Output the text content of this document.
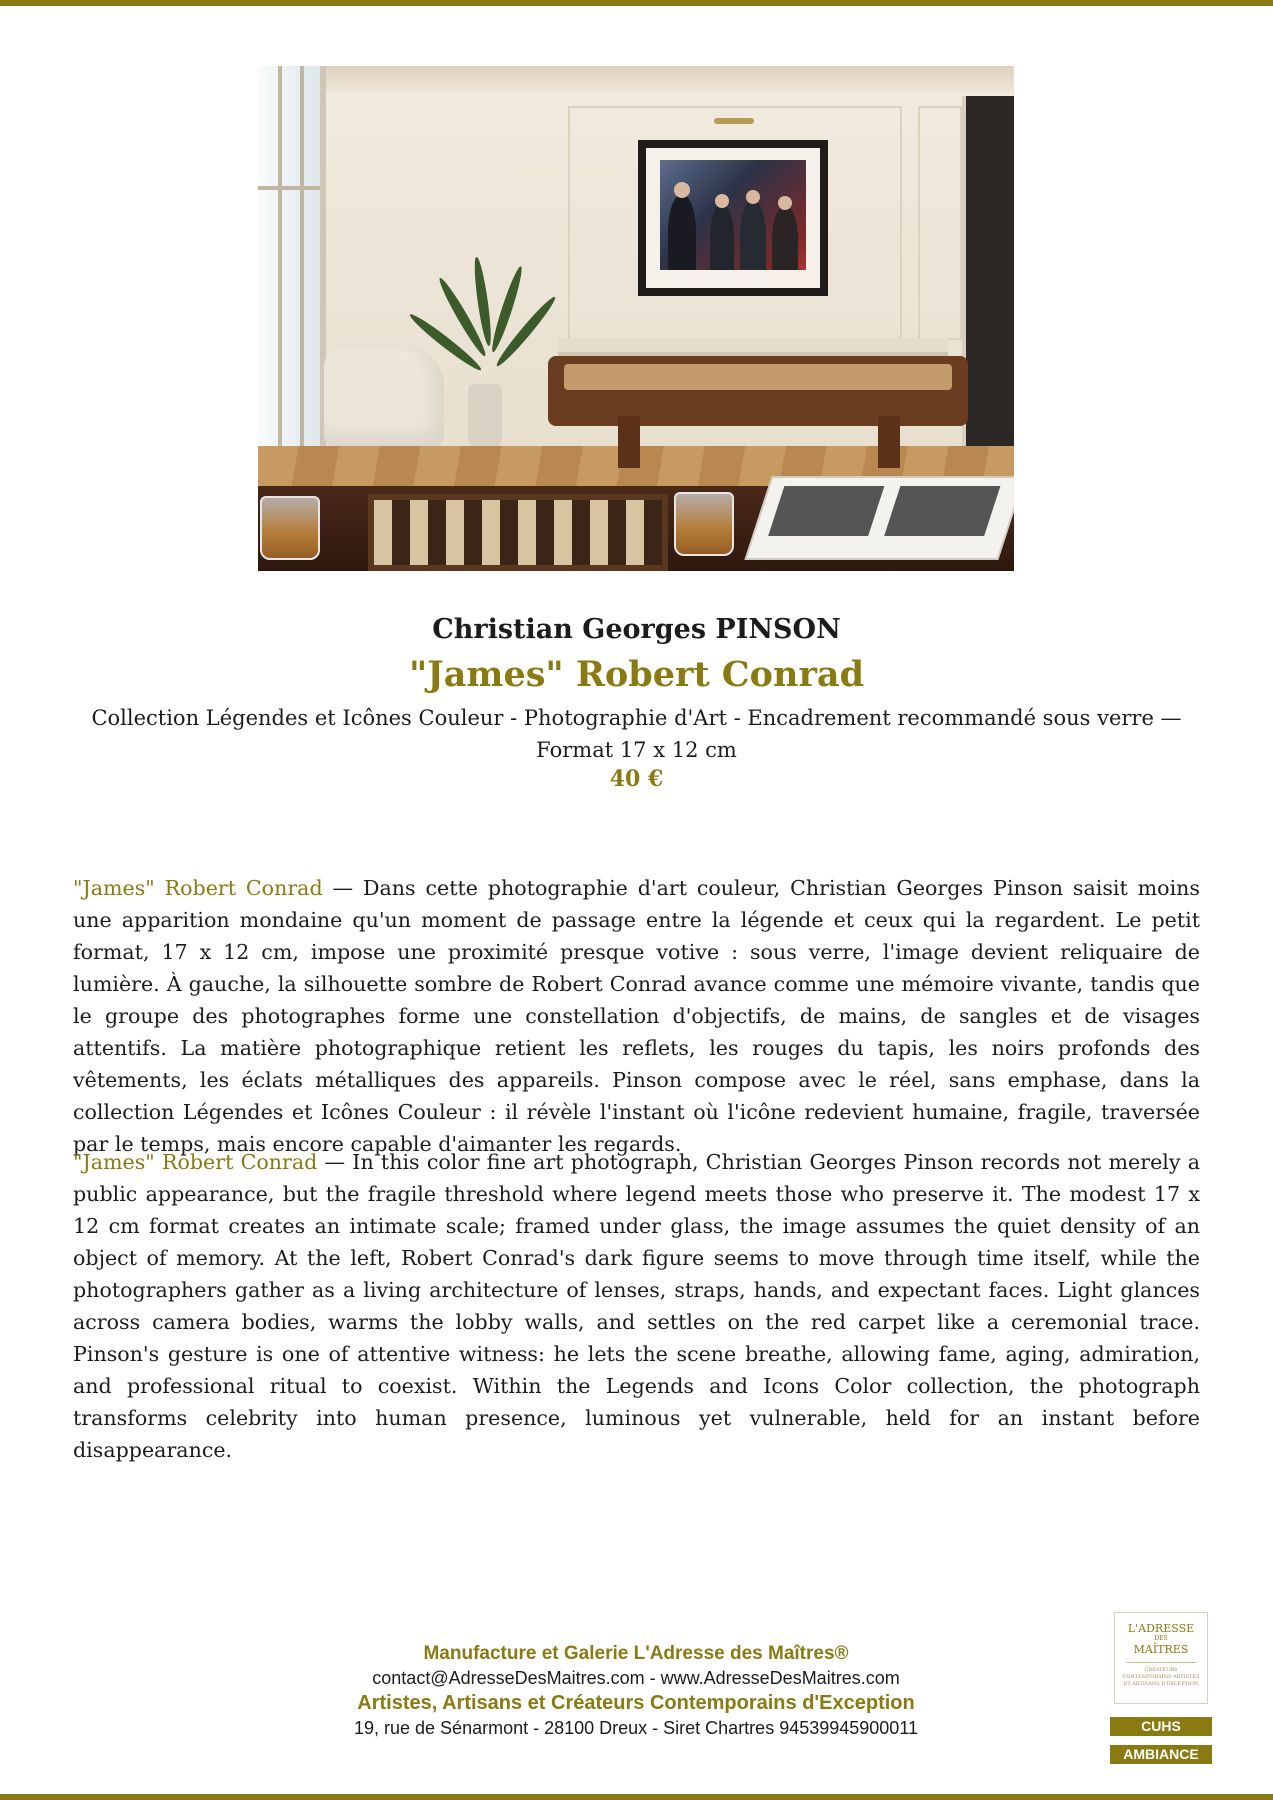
Christian Georges PINSON
"James" Robert Conrad
Collection Légendes et Icônes Couleur - Photographie d'Art - Encadrement recommandé sous verre — Format 17 x 12 cm
40 €

"James" Robert Conrad — Dans cette photographie d'art couleur, Christian Georges Pinson saisit moins une apparition mondaine qu'un moment de passage entre la légende et ceux qui la regardent. Le petit format, 17 x 12 cm, impose une proximité presque votive : sous verre, l'image devient reliquaire de lumière. À gauche, la silhouette sombre de Robert Conrad avance comme une mémoire vivante, tandis que le groupe des photographes forme une constellation d'objectifs, de mains, de sangles et de visages attentifs. La matière photographique retient les reflets, les rouges du tapis, les noirs profonds des vêtements, les éclats métalliques des appareils. Pinson compose avec le réel, sans emphase, dans la collection Légendes et Icônes Couleur : il révèle l'instant où l'icône redevient humaine, fragile, traversée par le temps, mais encore capable d'aimanter les regards.

"James" Robert Conrad — In this color fine art photograph, Christian Georges Pinson records not merely a public appearance, but the fragile threshold where legend meets those who preserve it. The modest 17 x 12 cm format creates an intimate scale; framed under glass, the image assumes the quiet density of an object of memory. At the left, Robert Conrad's dark figure seems to move through time itself, while the photographers gather as a living architecture of lenses, straps, hands, and expectant faces. Light glances across camera bodies, warms the lobby walls, and settles on the red carpet like a ceremonial trace. Pinson's gesture is one of attentive witness: he lets the scene breathe, allowing fame, aging, admiration, and professional ritual to coexist. Within the Legends and Icons Color collection, the photograph transforms celebrity into human presence, luminous yet vulnerable, held for an instant before disappearance.

Manufacture et Galerie L'Adresse des Maîtres®
contact@AdresseDesMaitres.com - www.AdresseDesMaitres.com
Artistes, Artisans et Créateurs Contemporains d'Exception
19, rue de Sénarmont - 28100 Dreux - Siret Chartres 94539945900011
L'ADRESSE
DES
MAÎTRES
CRÉATEURS CONTEMPORAINS ARTISTES ET ARTISANS D'EXCEPTION
CUHS
AMBIANCE
